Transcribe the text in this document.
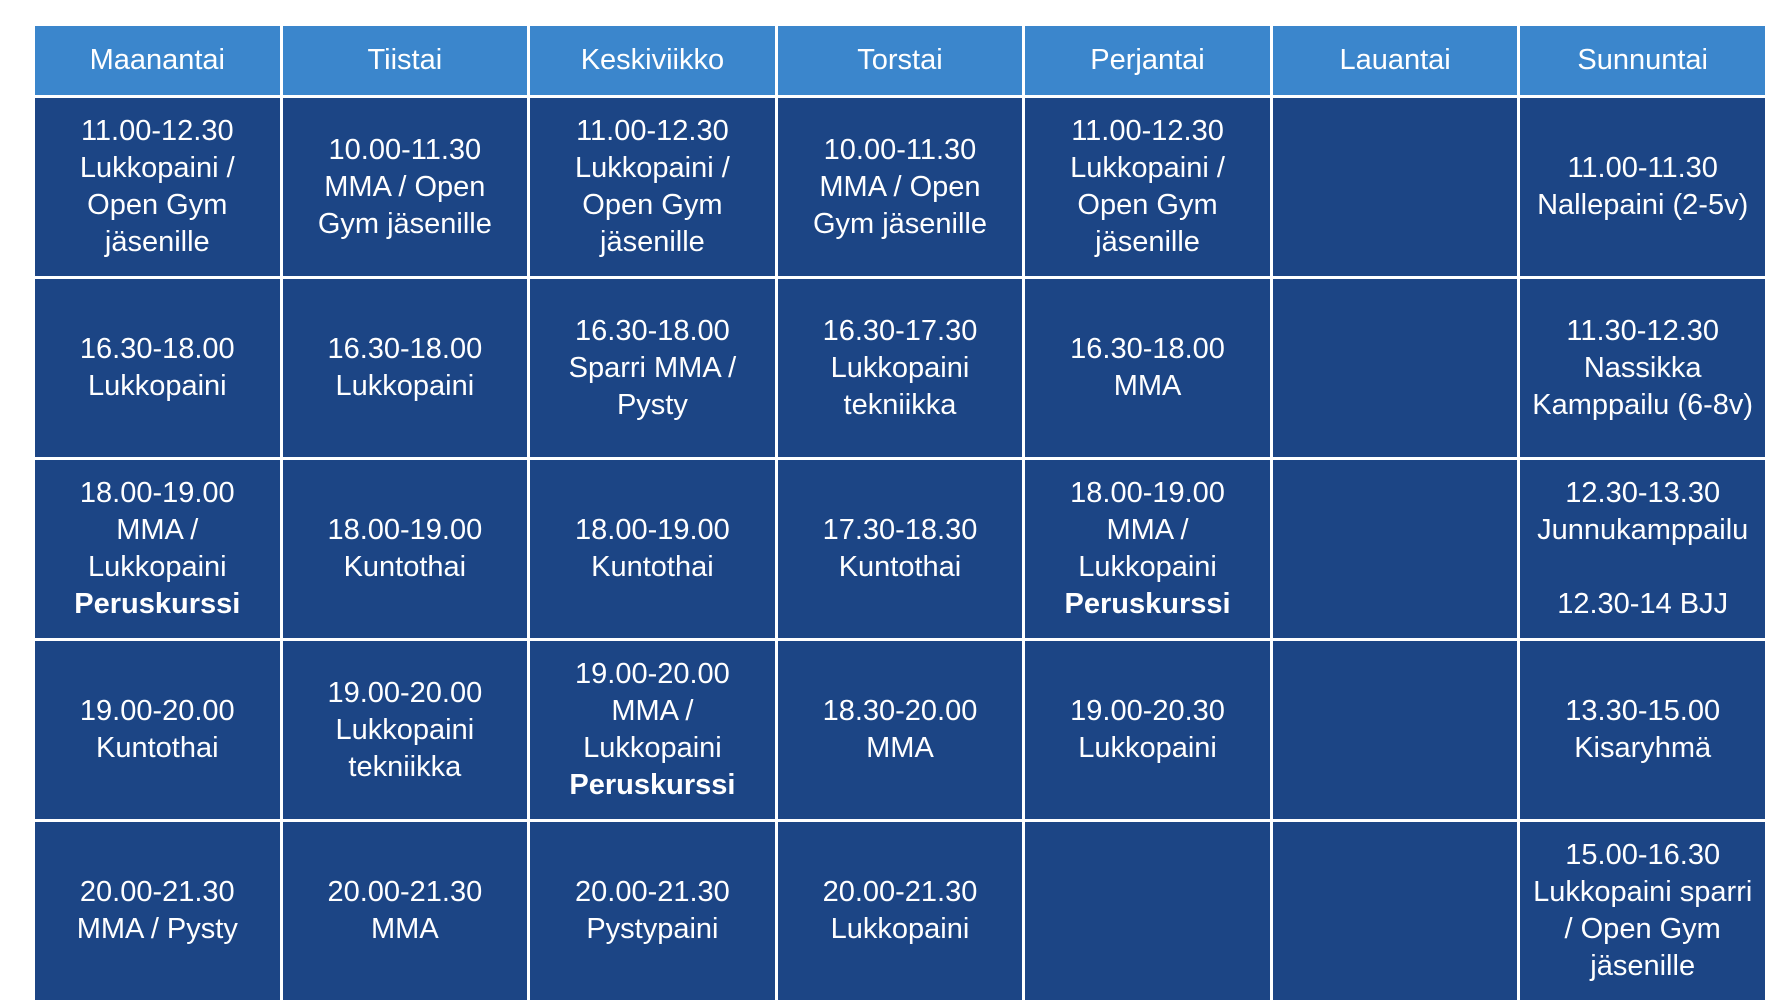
Maanantai	Tiistai	Keskiviikko	Torstai	Perjantai	Lauantai	Sunnuntai

11.00-12.30
Lukkopaini /
Open Gym
jäsenille	10.00-11.30
MMA / Open
Gym jäsenille	11.00-12.30
Lukkopaini /
Open Gym
jäsenille	10.00-11.30
MMA / Open
Gym jäsenille	11.00-12.30
Lukkopaini /
Open Gym
jäsenille		11.00-11.30
Nallepaini (2-5v)

16.30-18.00
Lukkopaini	16.30-18.00
Lukkopaini	16.30-18.00
Sparri MMA /
Pysty	16.30-17.30
Lukkopaini
tekniikka	16.30-18.00
MMA		11.30-12.30
Nassikka
Kamppailu (6-8v)

18.00-19.00
MMA /
Lukkopaini
Peruskurssi	18.00-19.00
Kuntothai	18.00-19.00
Kuntothai	17.30-18.30
Kuntothai	18.00-19.00
MMA /
Lukkopaini
Peruskurssi		12.30-13.30
Junnukamppailu
12.30-14 BJJ

19.00-20.00
Kuntothai	19.00-20.00
Lukkopaini
tekniikka	19.00-20.00
MMA /
Lukkopaini
Peruskurssi	18.30-20.00
MMA	19.00-20.30
Lukkopaini		13.30-15.00
Kisaryhmä

20.00-21.30
MMA / Pysty	20.00-21.30
MMA	20.00-21.30
Pystypaini	20.00-21.30
Lukkopaini			15.00-16.30
Lukkopaini sparri
/ Open Gym
jäsenille
